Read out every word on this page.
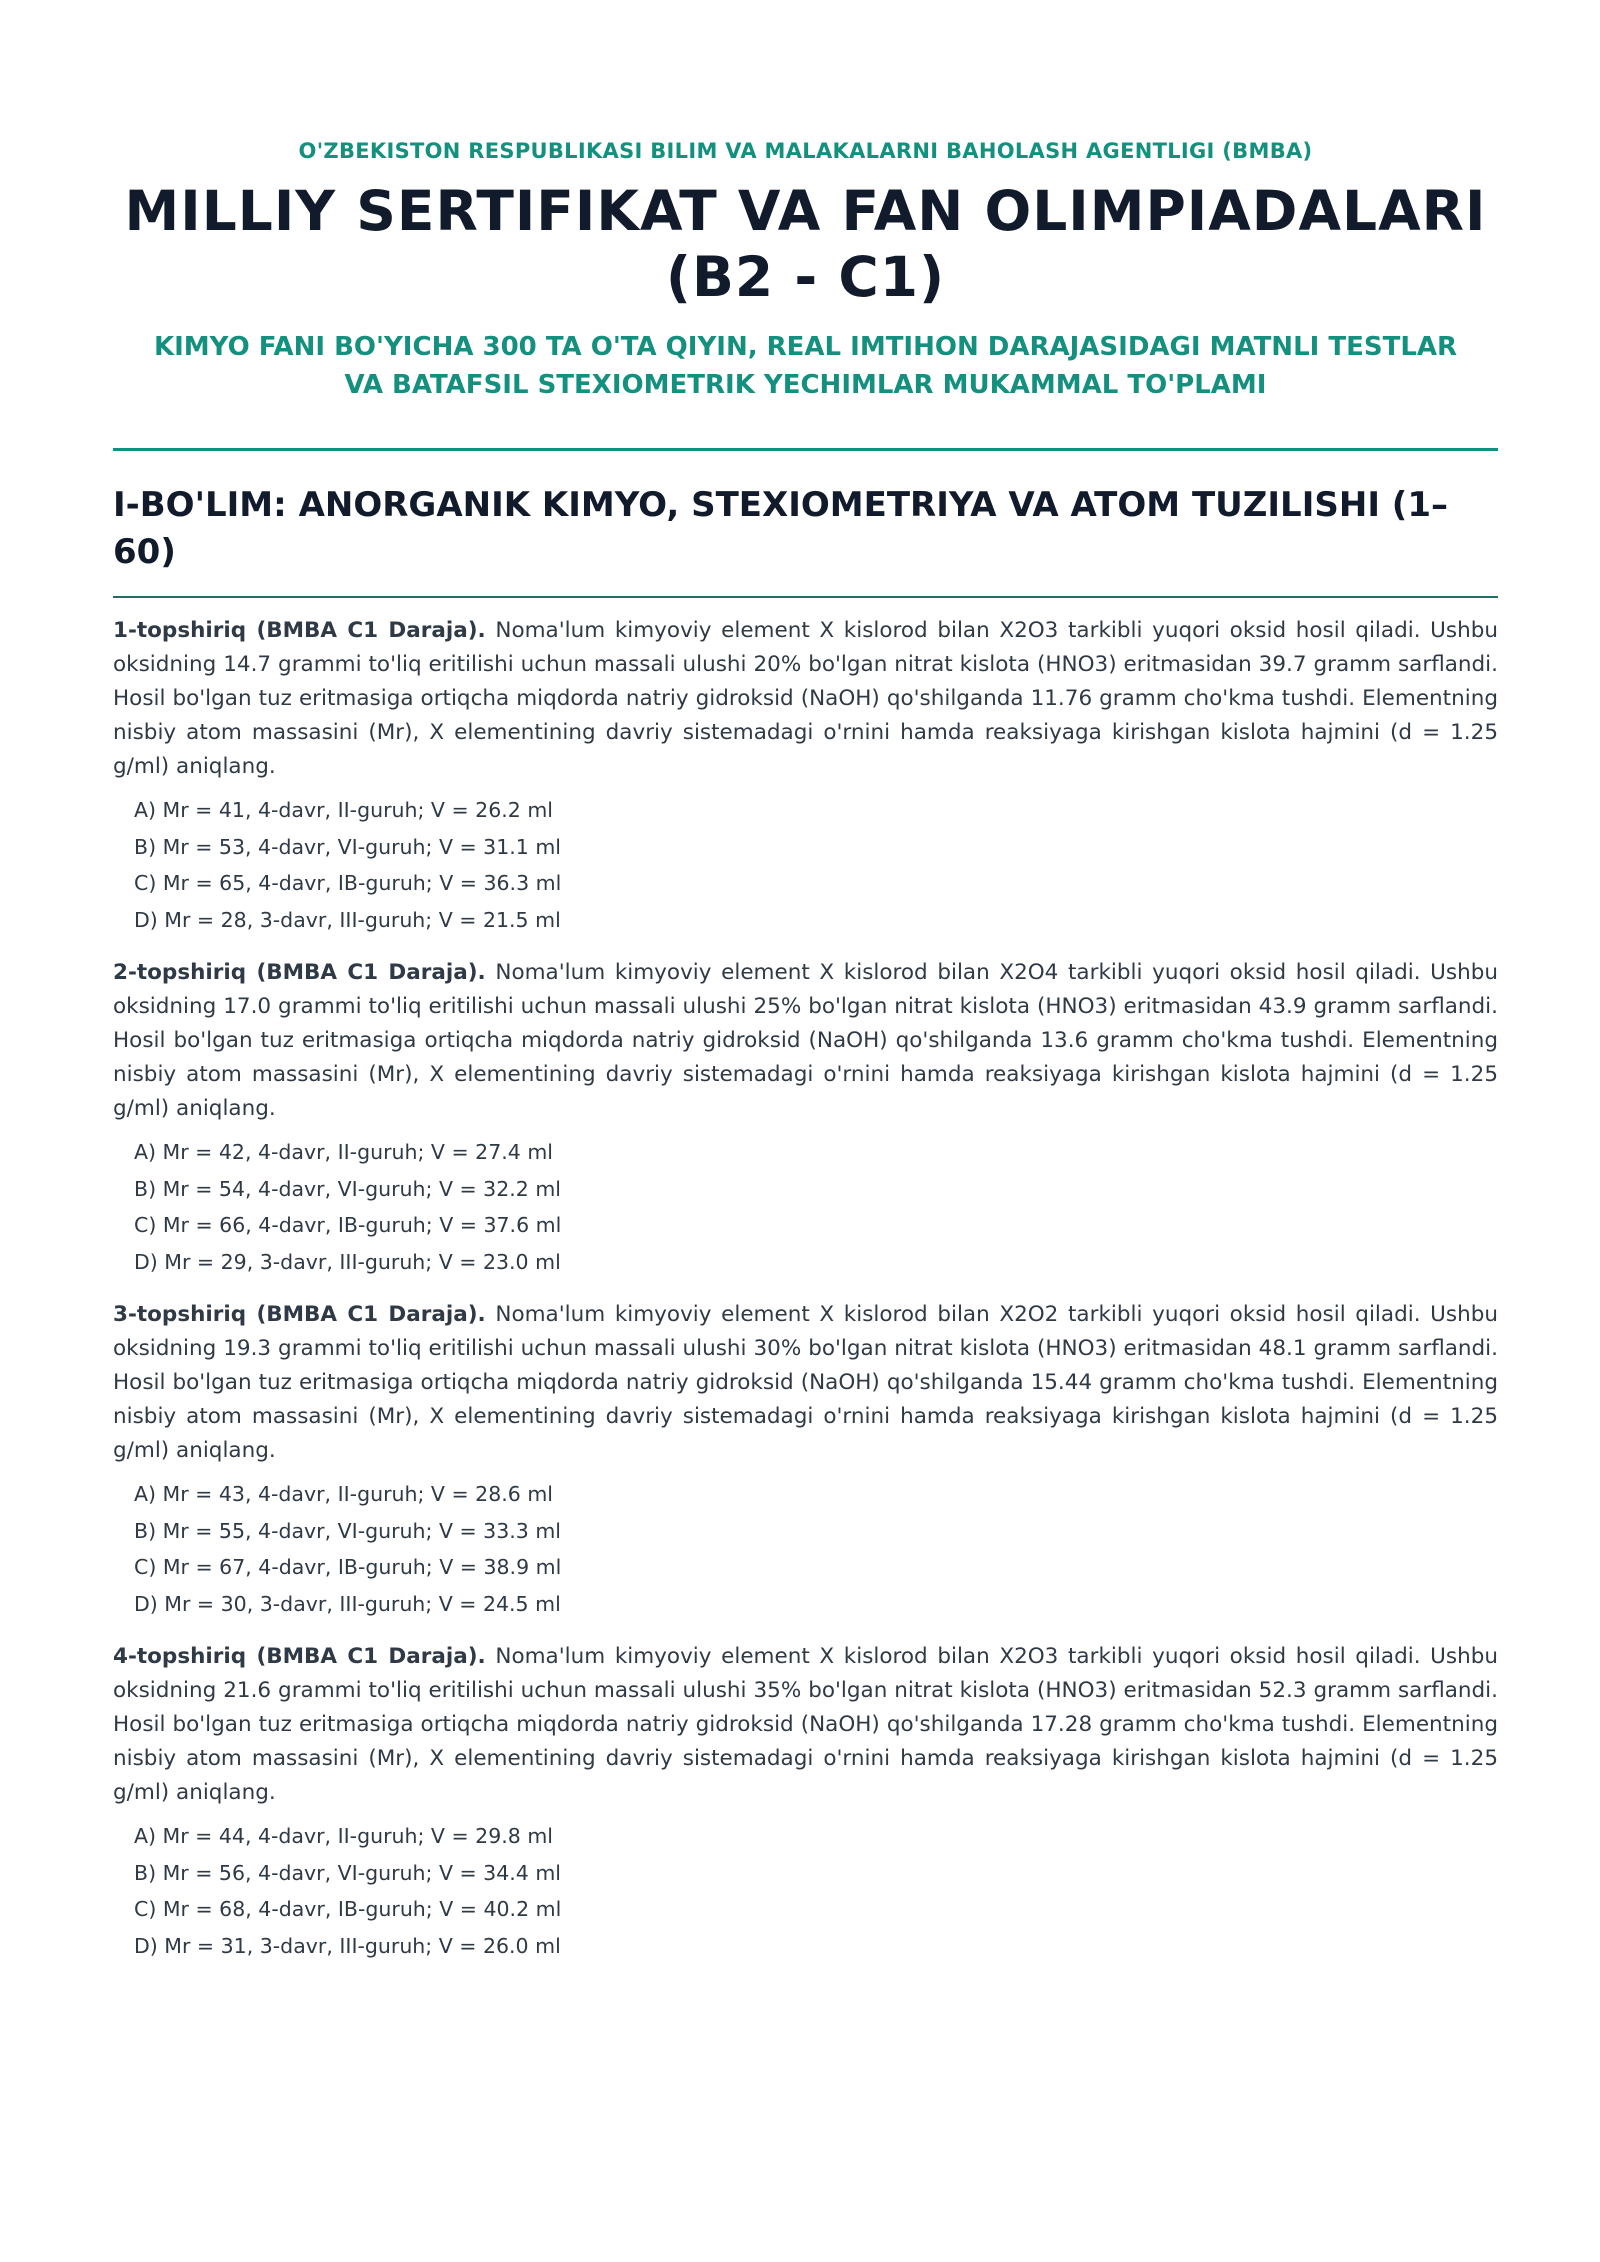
O'ZBEKISTON RESPUBLIKASI BILIM VA MALAKALARNI BAHOLASH AGENTLIGI (BMBA)
MILLIY SERTIFIKAT VA FAN OLIMPIADALARI
(B2 - C1)
KIMYO FANI BO'YICHA 300 TA O'TA QIYIN, REAL IMTIHON DARAJASIDAGI MATNLI TESTLAR
VA BATAFSIL STEXIOMETRIK YECHIMLAR MUKAMMAL TO'PLAMI
I-BO'LIM: ANORGANIK KIMYO, STEXIOMETRIYA VA ATOM TUZILISHI (1–60)

1-topshiriq (BMBA C1 Daraja). Noma'lum kimyoviy element X kislorod bilan X2O3 tarkibli yuqori oksid hosil qiladi. Ushbu oksidning 14.7 grammi to'liq eritilishi uchun massali ulushi 20% bo'lgan nitrat kislota (HNO3) eritmasidan 39.7 gramm sarflandi. Hosil bo'lgan tuz eritmasiga ortiqcha miqdorda natriy gidroksid (NaOH) qo'shilganda 11.76 gramm cho'kma tushdi. Elementning nisbiy atom massasini (Mr), X elementining davriy sistemadagi o'rnini hamda reaksiyaga kirishgan kislota hajmini (d = 1.25 g/ml) aniqlang.

A) Mr = 41, 4-davr, II-guruh; V = 26.2 ml
B) Mr = 53, 4-davr, VI-guruh; V = 31.1 ml
C) Mr = 65, 4-davr, IB-guruh; V = 36.3 ml
D) Mr = 28, 3-davr, III-guruh; V = 21.5 ml

2-topshiriq (BMBA C1 Daraja). Noma'lum kimyoviy element X kislorod bilan X2O4 tarkibli yuqori oksid hosil qiladi. Ushbu oksidning 17.0 grammi to'liq eritilishi uchun massali ulushi 25% bo'lgan nitrat kislota (HNO3) eritmasidan 43.9 gramm sarflandi. Hosil bo'lgan tuz eritmasiga ortiqcha miqdorda natriy gidroksid (NaOH) qo'shilganda 13.6 gramm cho'kma tushdi. Elementning nisbiy atom massasini (Mr), X elementining davriy sistemadagi o'rnini hamda reaksiyaga kirishgan kislota hajmini (d = 1.25 g/ml) aniqlang.

A) Mr = 42, 4-davr, II-guruh; V = 27.4 ml
B) Mr = 54, 4-davr, VI-guruh; V = 32.2 ml
C) Mr = 66, 4-davr, IB-guruh; V = 37.6 ml
D) Mr = 29, 3-davr, III-guruh; V = 23.0 ml

3-topshiriq (BMBA C1 Daraja). Noma'lum kimyoviy element X kislorod bilan X2O2 tarkibli yuqori oksid hosil qiladi. Ushbu oksidning 19.3 grammi to'liq eritilishi uchun massali ulushi 30% bo'lgan nitrat kislota (HNO3) eritmasidan 48.1 gramm sarflandi. Hosil bo'lgan tuz eritmasiga ortiqcha miqdorda natriy gidroksid (NaOH) qo'shilganda 15.44 gramm cho'kma tushdi. Elementning nisbiy atom massasini (Mr), X elementining davriy sistemadagi o'rnini hamda reaksiyaga kirishgan kislota hajmini (d = 1.25 g/ml) aniqlang.

A) Mr = 43, 4-davr, II-guruh; V = 28.6 ml
B) Mr = 55, 4-davr, VI-guruh; V = 33.3 ml
C) Mr = 67, 4-davr, IB-guruh; V = 38.9 ml
D) Mr = 30, 3-davr, III-guruh; V = 24.5 ml

4-topshiriq (BMBA C1 Daraja). Noma'lum kimyoviy element X kislorod bilan X2O3 tarkibli yuqori oksid hosil qiladi. Ushbu oksidning 21.6 grammi to'liq eritilishi uchun massali ulushi 35% bo'lgan nitrat kislota (HNO3) eritmasidan 52.3 gramm sarflandi. Hosil bo'lgan tuz eritmasiga ortiqcha miqdorda natriy gidroksid (NaOH) qo'shilganda 17.28 gramm cho'kma tushdi. Elementning nisbiy atom massasini (Mr), X elementining davriy sistemadagi o'rnini hamda reaksiyaga kirishgan kislota hajmini (d = 1.25 g/ml) aniqlang.

A) Mr = 44, 4-davr, II-guruh; V = 29.8 ml
B) Mr = 56, 4-davr, VI-guruh; V = 34.4 ml
C) Mr = 68, 4-davr, IB-guruh; V = 40.2 ml
D) Mr = 31, 3-davr, III-guruh; V = 26.0 ml
